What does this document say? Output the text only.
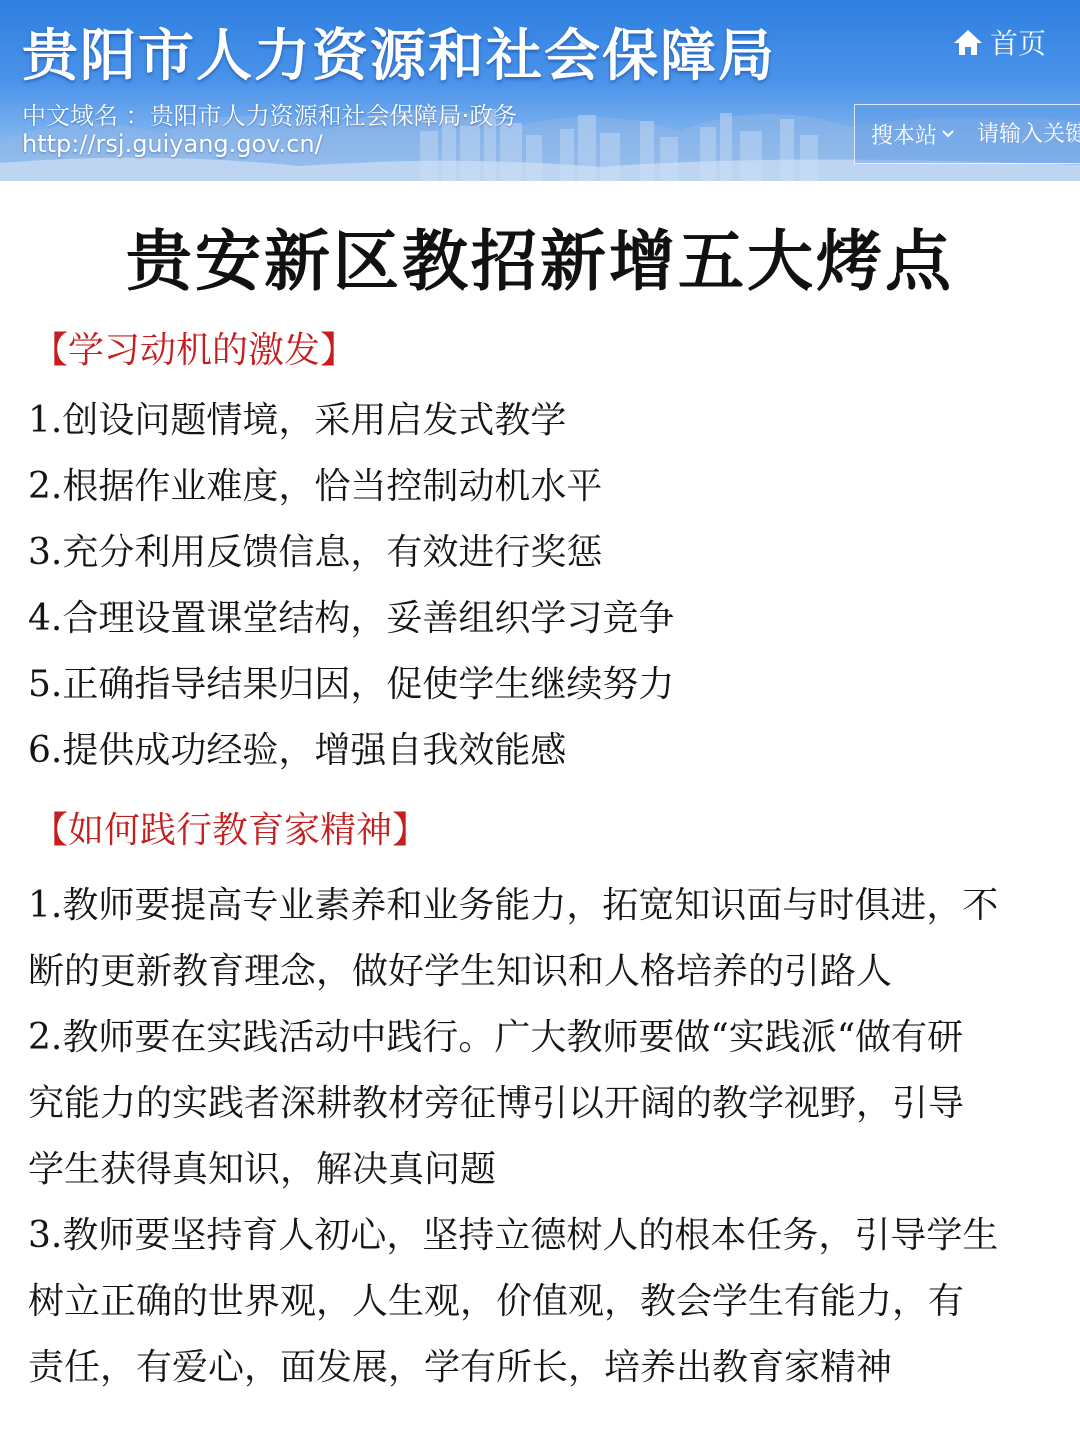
贵阳市人力资源和社会保障局
中文域名 ：贵阳市人力资源和社会保障局·政务
http://rsj.guiyang.gov.cn/
首页
搜本站
请输入关键词
贵安新区教招新增五大烤点
【学习动机的激发】
1.创设问题情境，采用启发式教学
2.根据作业难度，恰当控制动机水平
3.充分利用反馈信息，有效进行奖惩
4.合理设置课堂结构，妥善组织学习竞争
5.正确指导结果归因，促使学生继续努力
6.提供成功经验，增强自我效能感
【如何践行教育家精神】
1.教师要提高专业素养和业务能力，拓宽知识面与时俱进，不
断的更新教育理念，做好学生知识和人格培养的引路人
2.教师要在实践活动中践行。广大教师要做“实践派“做有研
究能力的实践者深耕教材旁征博引以开阔的教学视野，引导
学生获得真知识，解决真问题
3.教师要坚持育人初心，坚持立德树人的根本任务，引导学生
树立正确的世界观，人生观，价值观，教会学生有能力，有
责任，有爱心，面发展，学有所长，培养出教育家精神
